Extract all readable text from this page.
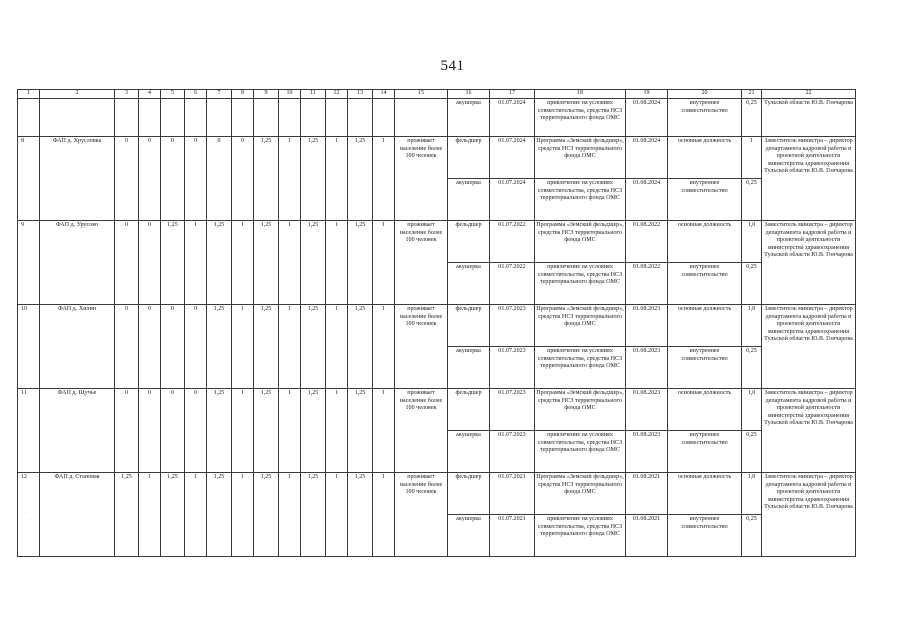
541
1	2	3	4	5	6	7	8	9	10	11	12	13	14	15	16	17	18	19	20	21	22
															акушерка	01.07.2024	привлечение на условиях совместительства, средства НСЗ территориального фонда ОМС	01.08.2024	внутреннее совместительство	0,25	Тульской области Ю.В. Гончарова
8	ФАП д. Хрусловка	0	0	0	0	0	0	1,25	1	1,25	1	1,25	1	проживает население более 100 человек	фельдшер	01.07.2024	Программа «Земский фельдшер», средства НСЗ территориального фонда ОМС	01.08.2024	основная должность	1	Заместитель министра – директор департамента кадровой работы и проектной деятельности министерства здравоохранения Тульской области Ю.В. Гончарова
															акушерка	01.07.2024	привлечение на условиях совместительства, средства НСЗ территориального фонда ОМС	01.08.2024	внутреннее совместительство	0,25	
9	ФАП д. Урусово	0	0	1,25	1	1,25	1	1,25	1	1,25	1	1,25	1	проживает население более 100 человек	фельдшер	01.07.2022	Программа «Земский фельдшер», средства НСЗ территориального фонда ОМС	01.08.2022	основная должность	1,0	Заместитель министра – директор департамента кадровой работы и проектной деятельности министерства здравоохранения Тульской области Ю.В. Гончарова
															акушерка	01.07.2022	привлечение на условиях совместительства, средства НСЗ территориального фонда ОМС	01.08.2022	внутреннее совместительство	0,25	
10	ФАП д. Хилин	0	0	0	0	1,25	1	1,25	1	1,25	1	1,25	1	проживает население более 100 человек	фельдшер	01.07.2023	Программа «Земский фельдшер», средства НСЗ территориального фонда ОМС	01.08.2023	основная должность	1,0	Заместитель министра – директор департамента кадровой работы и проектной деятельности министерства здравоохранения Тульской области Ю.В. Гончарова
															акушерка	01.07.2023	привлечение на условиях совместительства, средства НСЗ территориального фонда ОМС	01.08.2023	внутреннее совместительство	0,25	
11	ФАП д. Щучье	0	0	0	0	1,25	1	1,25	1	1,25	1	1,25	1	проживает население более 100 человек	фельдшер	01.07.2023	Программа «Земский фельдшер», средства НСЗ территориального фонда ОМС	01.08.2023	основная должность	1,0	Заместитель министра – директор департамента кадровой работы и проектной деятельности министерства здравоохранения Тульской области Ю.В. Гончарова
															акушерка	01.07.2023	привлечение на условиях совместительства, средства НСЗ территориального фонда ОМС	01.08.2023	внутреннее совместительство	0,25	
12	ФАП д. Становая	1,25	1	1,25	1	1,25	1	1,25	1	1,25	1	1,25	1	проживает население более 100 человек	фельдшер	01.07.2021	Программа «Земский фельдшер», средства НСЗ территориального фонда ОМС	01.08.2021	основная должность	1,0	Заместитель министра – директор департамента кадровой работы и проектной деятельности министерства здравоохранения Тульской области Ю.В. Гончарова
															акушерка	01.07.2021	привлечение на условиях совместительства, средства НСЗ территориального фонда ОМС	01.08.2021	внутреннее совместительство	0,25	
· ·
·
